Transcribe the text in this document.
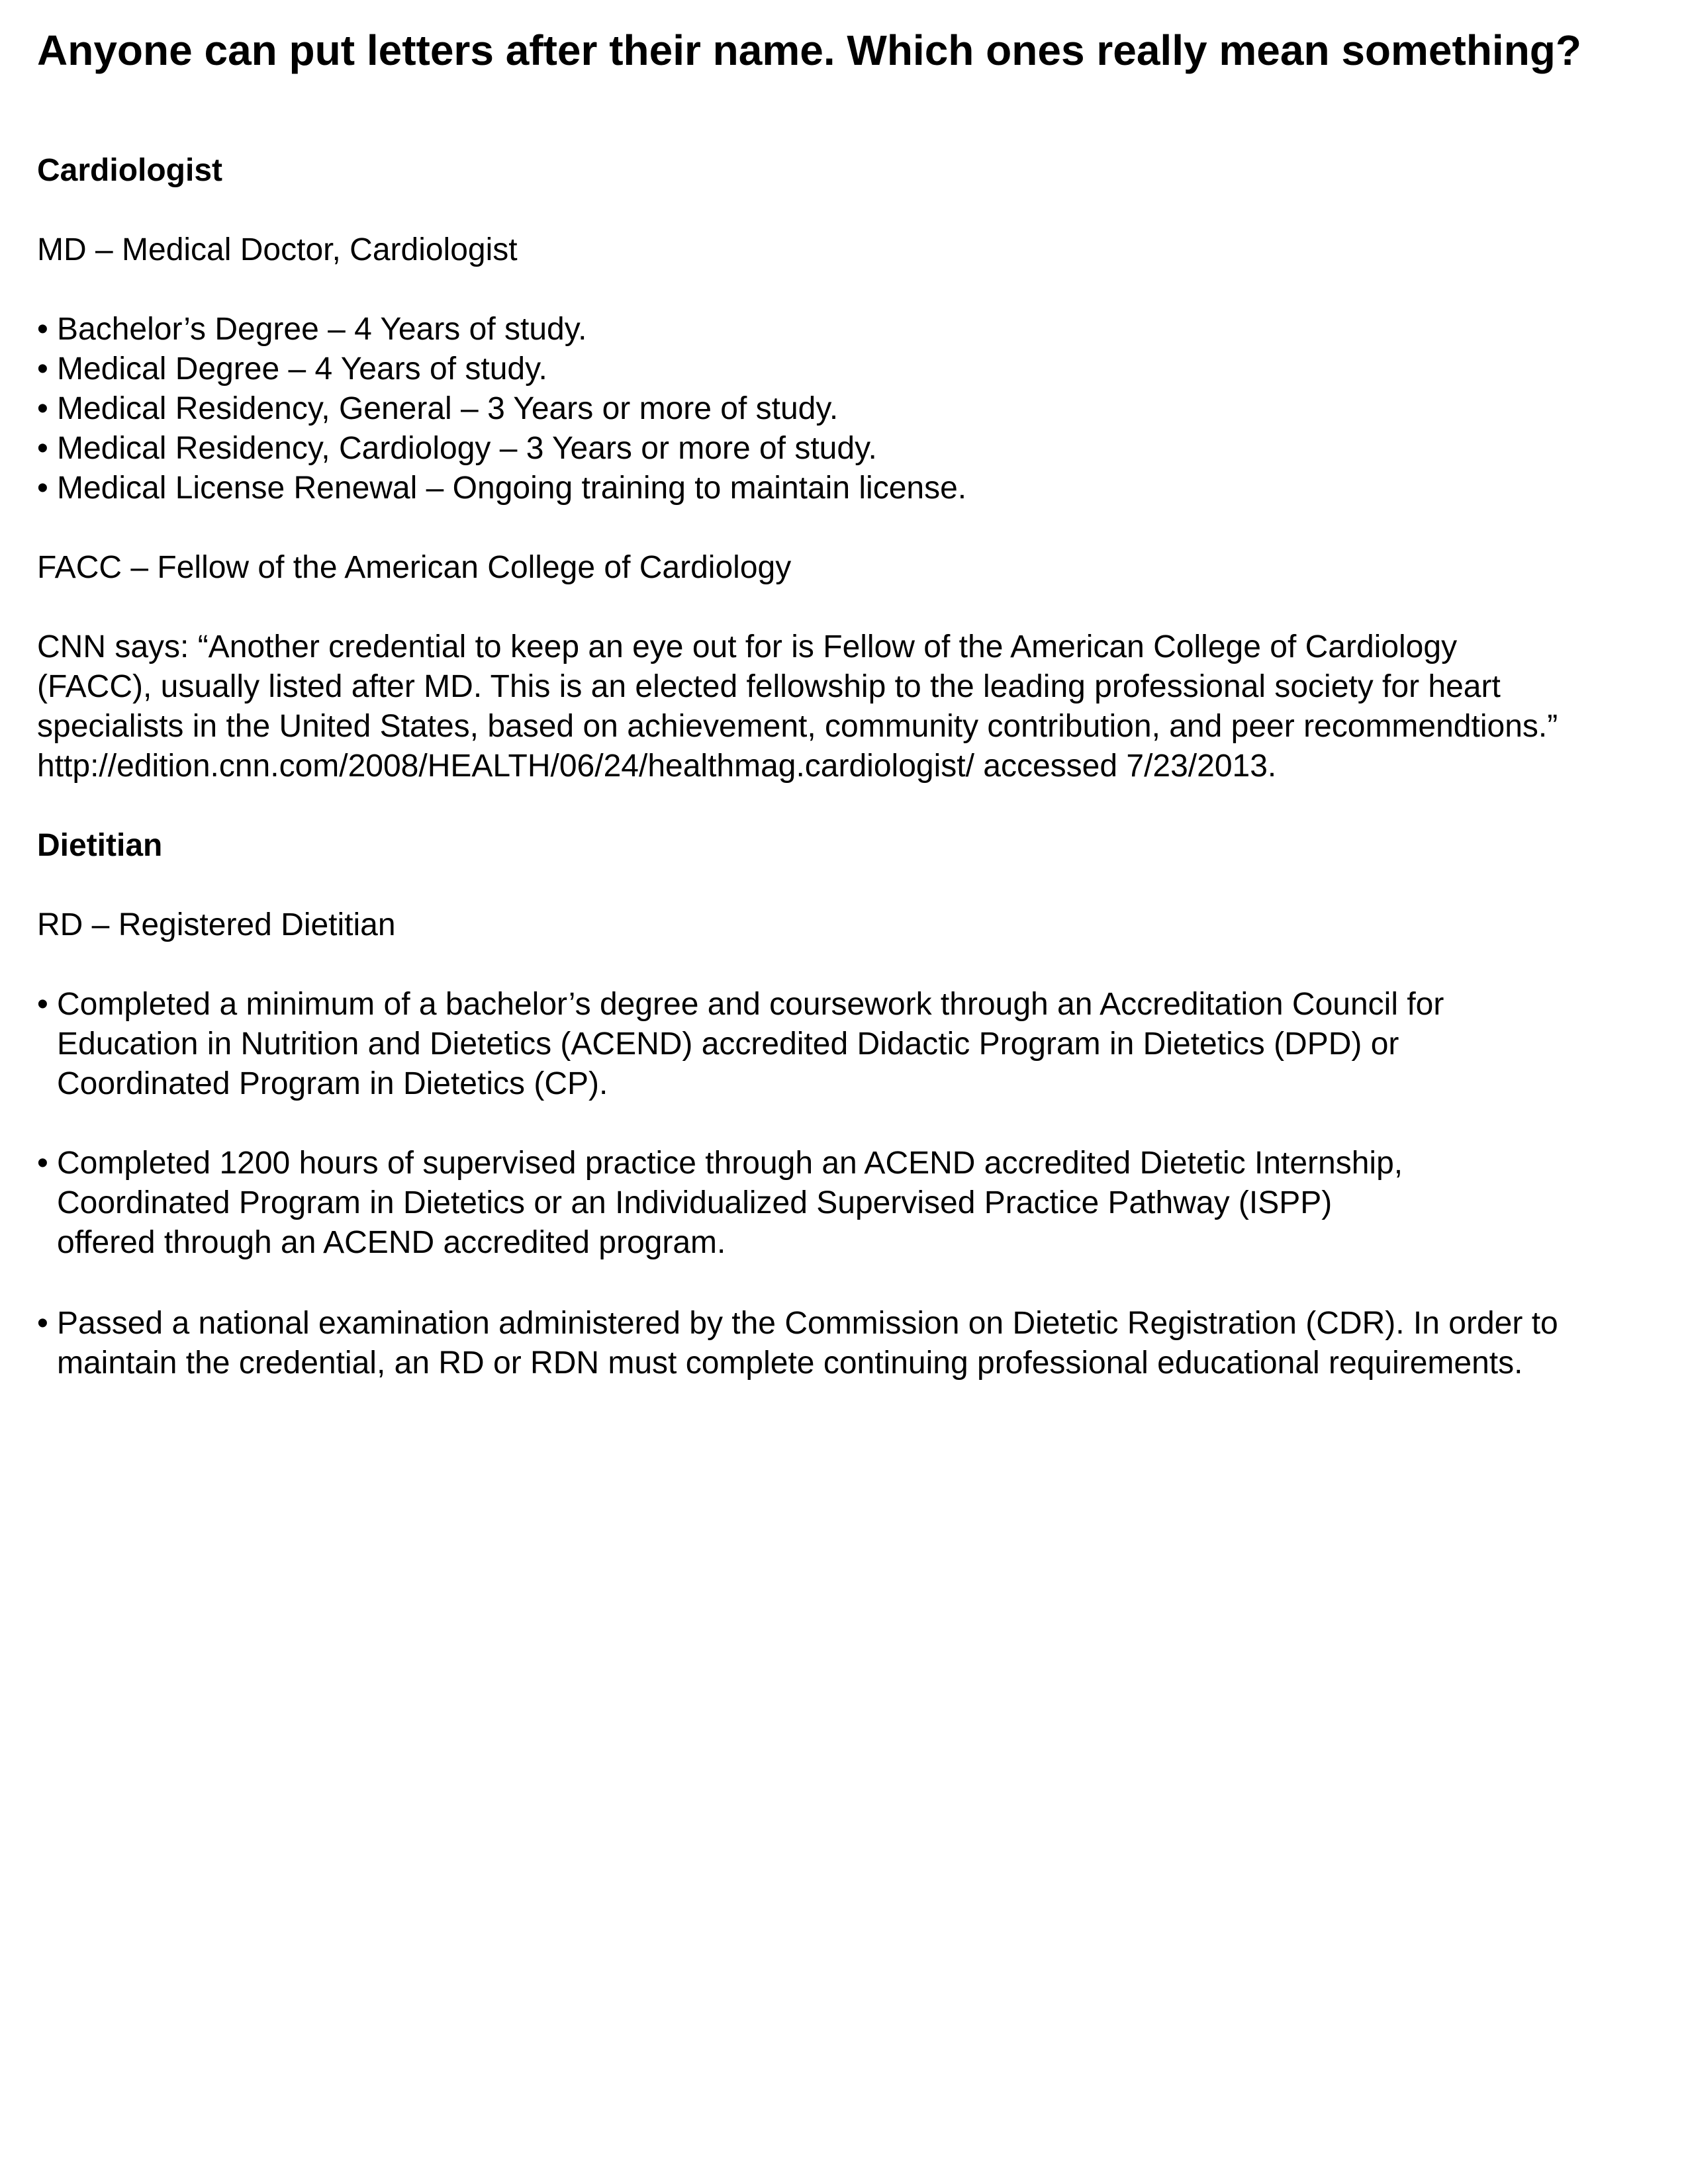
Anyone can put letters after their name. Which ones really mean something?
Cardiologist
MD – Medical Doctor, Cardiologist
• Bachelor’s Degree – 4 Years of study.
• Medical Degree – 4 Years of study.
• Medical Residency, General – 3 Years or more of study.
• Medical Residency, Cardiology – 3 Years or more of study.
• Medical License Renewal – Ongoing training to maintain license.
FACC – Fellow of the American College of Cardiology
CNN says: “Another credential to keep an eye out for is Fellow of the American College of Cardiology
(FACC), usually listed after MD. This is an elected fellowship to the leading professional society for heart
specialists in the United States, based on achievement, community contribution, and peer recommendtions.”
http://edition.cnn.com/2008/HEALTH/06/24/healthmag.cardiologist/ accessed 7/23/2013.
Dietitian
RD – Registered Dietitian
• Completed a minimum of a bachelor’s degree and coursework through an Accreditation Council for
Education in Nutrition and Dietetics (ACEND) accredited Didactic Program in Dietetics (DPD) or
Coordinated Program in Dietetics (CP).
• Completed 1200 hours of supervised practice through an ACEND accredited Dietetic Internship,
Coordinated Program in Dietetics or an Individualized Supervised Practice Pathway (ISPP)
offered through an ACEND accredited program.
• Passed a national examination administered by the Commission on Dietetic Registration (CDR). In order to
maintain the credential, an RD or RDN must complete continuing professional educational requirements.
